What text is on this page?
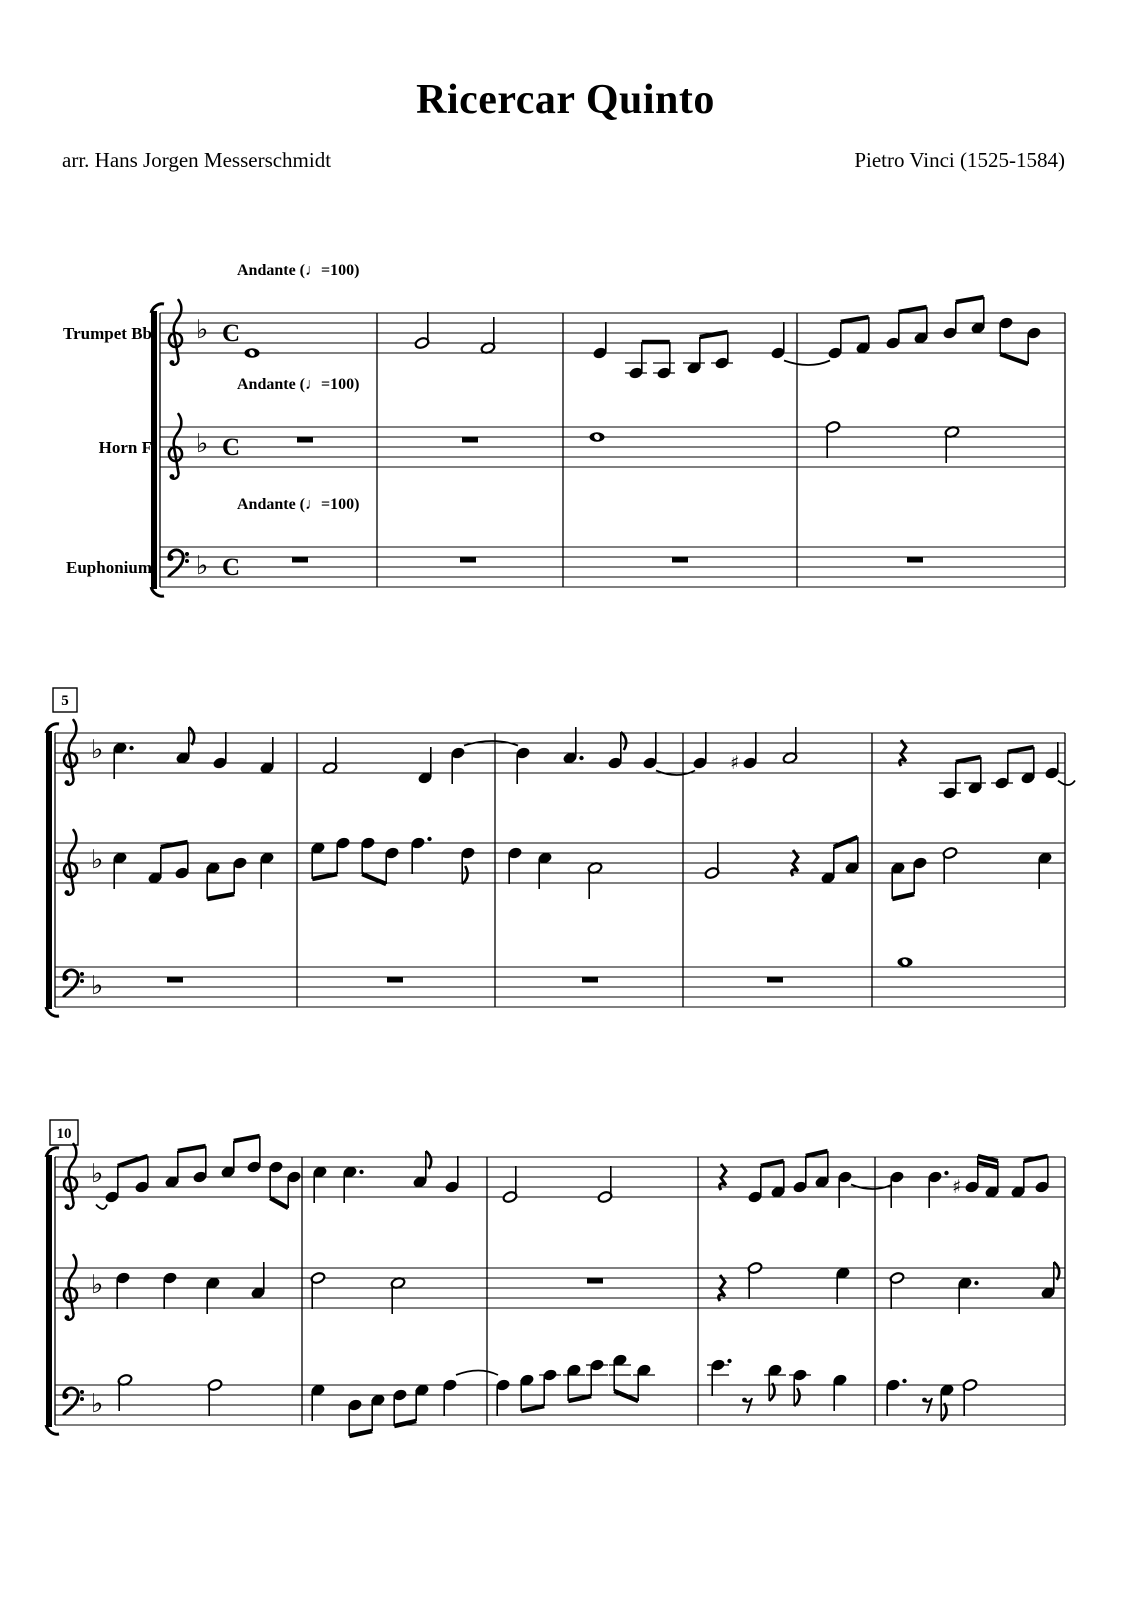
Ricercar Quinto
arr. Hans Jorgen Messerschmidt	Pietro Vinci (1525-1584)
Trumpet Bb
Andante (♩=100)
♭ C
Horn F
Andante (♩=100)
♭ C
Euphonium
Andante (♩=100)
♭ C
5
♭	♯
♭
♭
10
♭	♯
♭
♭
